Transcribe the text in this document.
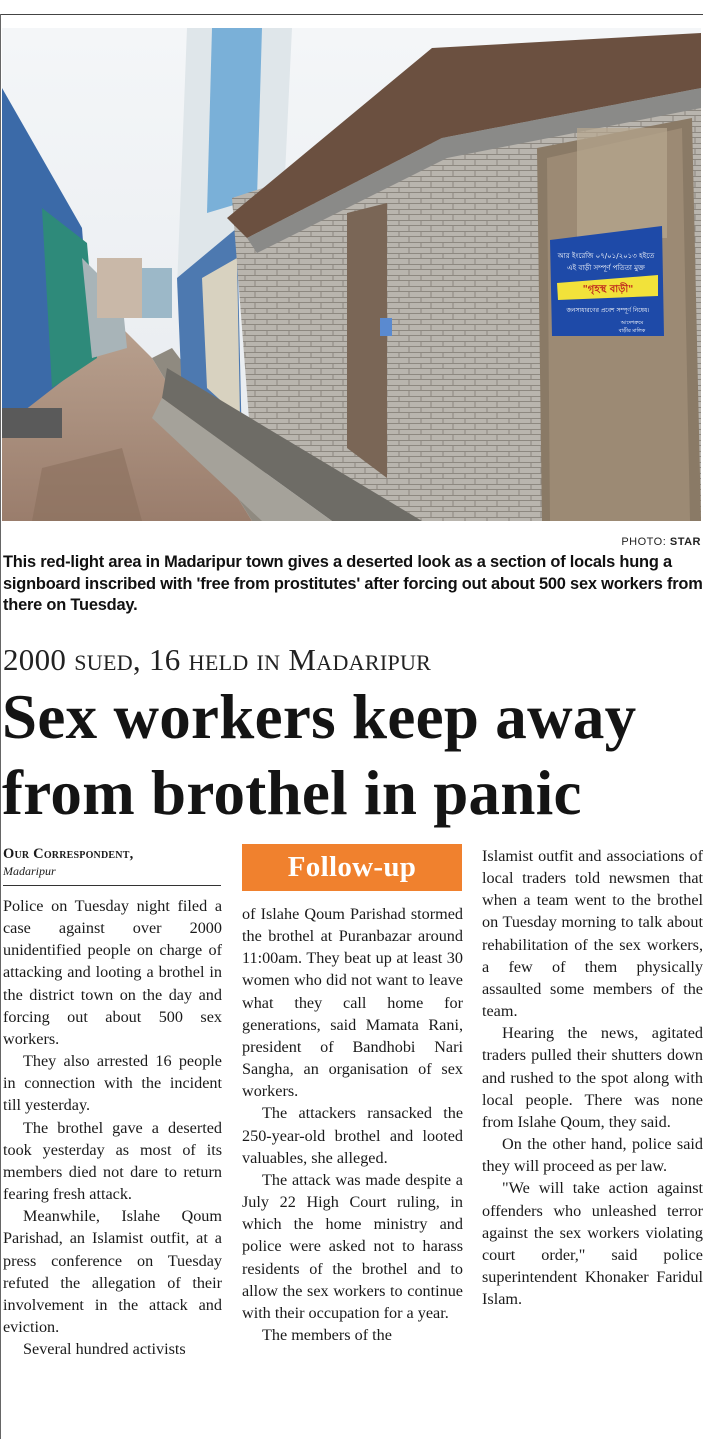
আর ইংরেজি ০৭/০১/২০১৩ হইতে
এই বাড়ী সম্পূর্ণ পতিতা মুক্ত
"গৃহস্থ বাড়ী"
জনসাধারণের প্রবেশ সম্পূর্ণ নিষেধ।
আদেশক্রমে
বাড়ীর মালিক
PHOTO: STAR
This red-light area in Madaripur town gives a deserted look as a section of locals hung a signboard inscribed with 'free from prostitutes' after forcing out about 500 sex workers from there on Tuesday.
2000 sued, 16 held in Madaripur
Sex workers keep away
from brothel in panic
Our Correspondent,
Madaripur	Follow-up

Police on Tuesday night filed a case against over 2000 unidentified people on charge of attacking and looting a brothel in the district town on the day and forcing out about 500 sex workers.

They also arrested 16 people in connection with the incident till yesterday.

The brothel gave a deserted took yesterday as most of its members died not dare to return fearing fresh attack.

Meanwhile, Islahe Qoum Parishad, an Islamist outfit, at a press conference on Tuesday refuted the allegation of their involvement in the attack and eviction.

Several hundred activists

of Islahe Qoum Parishad stormed the brothel at Puranbazar around 11:00am. They beat up at least 30 women who did not want to leave what they call home for generations, said Mamata Rani, president of Bandhobi Nari Sangha, an organisation of sex workers.

The attackers ransacked the 250-year-old brothel and looted valuables, she alleged.

The attack was made despite a July 22 High Court ruling, in which the home ministry and police were asked not to harass residents of the brothel and to allow the sex workers to continue with their occupation for a year.

The members of the

Islamist outfit and associations of local traders told newsmen that when a team went to the brothel on Tuesday morning to talk about rehabilitation of the sex workers, a few of them physically assaulted some members of the team.

Hearing the news, agitated traders pulled their shutters down and rushed to the spot along with local people. There was none from Islahe Qoum, they said.

On the other hand, police said they will proceed as per law.

"We will take action against offenders who unleashed terror against the sex workers violating court order," said police superintendent Khonaker Faridul Islam.
